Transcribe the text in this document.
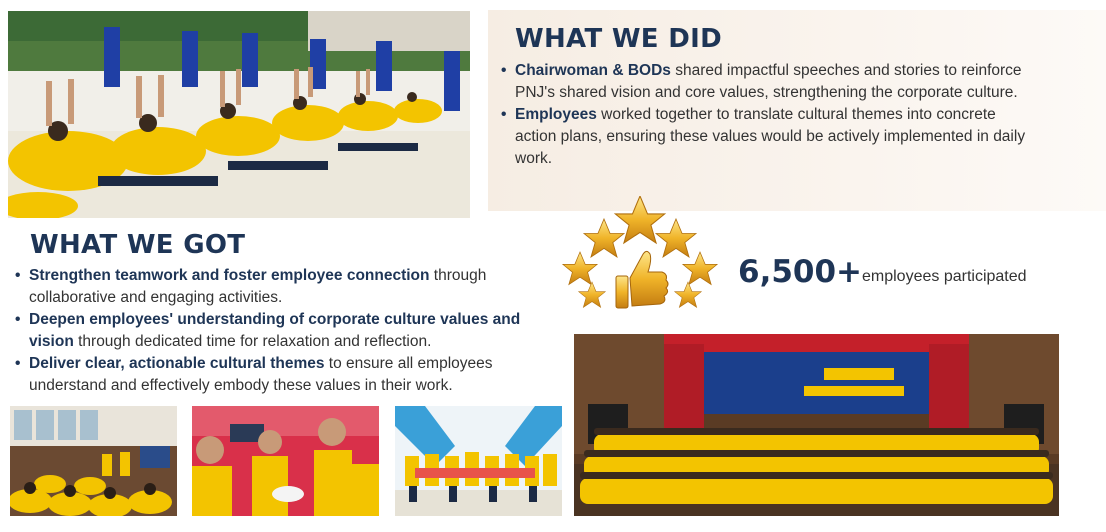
WHAT WE DID
• Chairwoman & BODs shared impactful speeches and stories to reinforce PNJ's shared vision and core values, strengthening the corporate culture.
• Employees worked together to translate cultural themes into concrete action plans, ensuring these values would be actively implemented in daily work.
WHAT WE GOT
• Strengthen teamwork and foster employee connection through collaborative and engaging activities.
• Deepen employees' understanding of corporate culture values and vision through dedicated time for relaxation and reflection.
• Deliver clear, actionable cultural themes to ensure all employees understand and effectively embody these values in their work.
6,500+ employees participated
